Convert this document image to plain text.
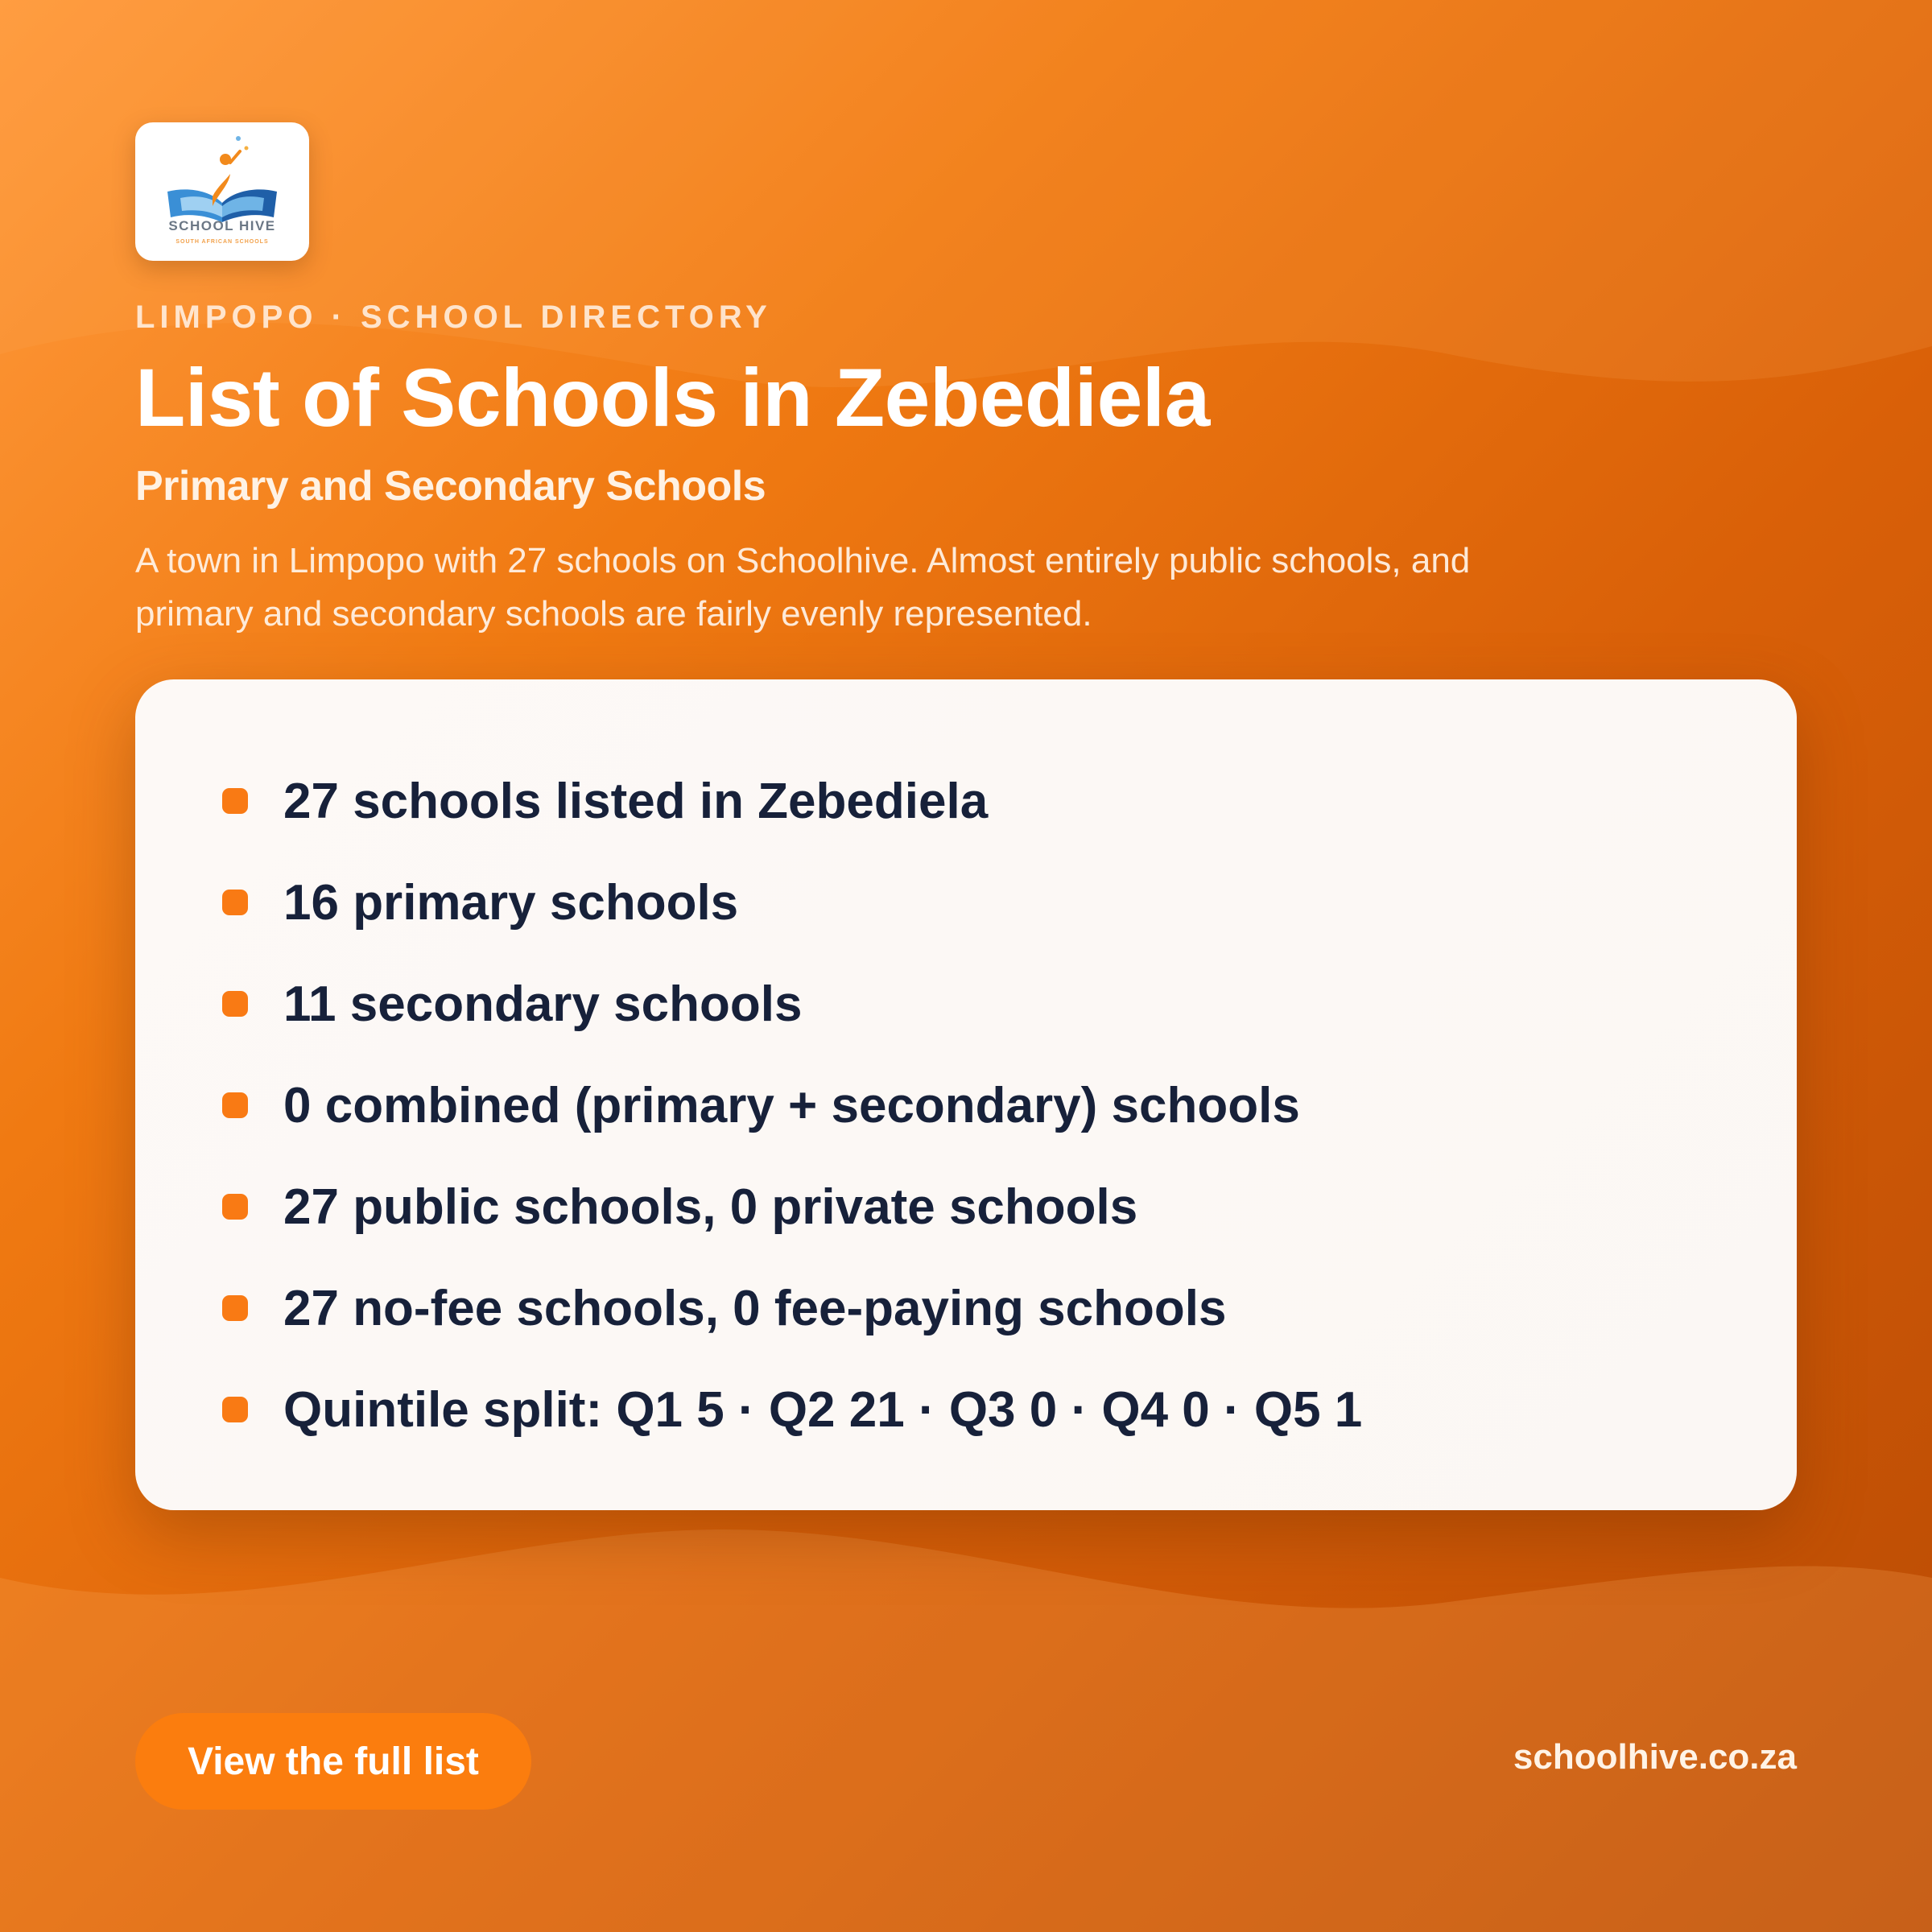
SCHOOL HIVE
SOUTH AFRICAN SCHOOLS
LIMPOPO · SCHOOL DIRECTORY
List of Schools in Zebediela
Primary and Secondary Schools
A town in Limpopo with 27 schools on Schoolhive. Almost entirely public schools, and primary and secondary schools are fairly evenly represented.
27 schools listed in Zebediela
16 primary schools
11 secondary schools
0 combined (primary + secondary) schools
27 public schools, 0 private schools
27 no-fee schools, 0 fee-paying schools
Quintile split: Q1 5 · Q2 21 · Q3 0 · Q4 0 · Q5 1
View the full list	schoolhive.co.za
